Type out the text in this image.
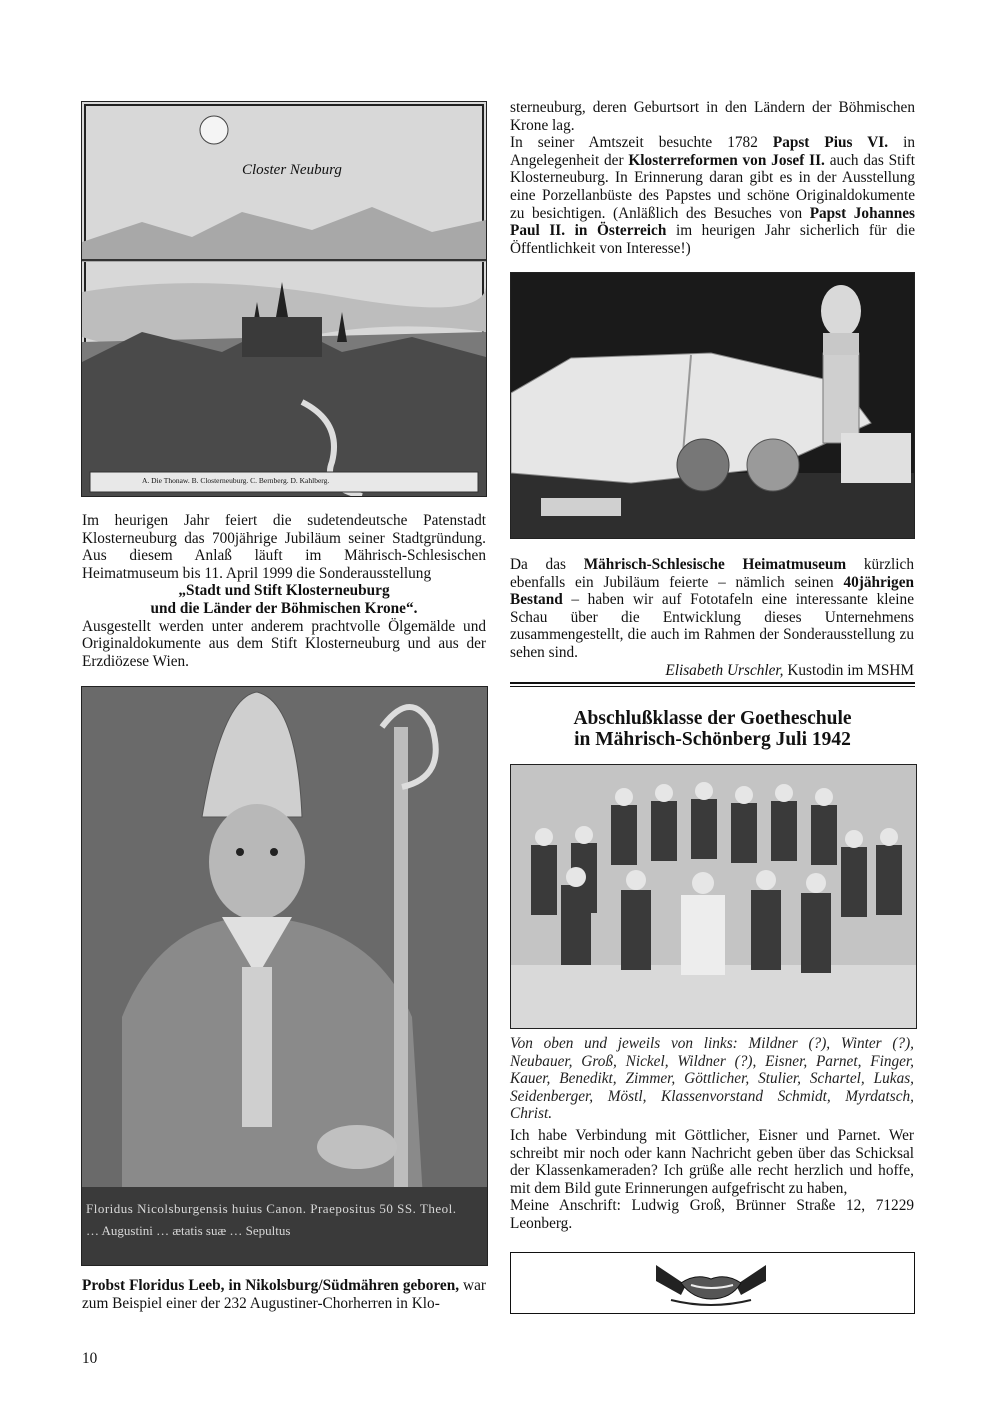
Closter Neuburg
A. Die Thonaw. B. Closterneuburg. C. Bernberg. D. Kahlberg.

sterneuburg, deren Geburtsort in den Ländern der Böhmischen Krone lag.

In seiner Amtszeit besuchte 1782 Papst Pius VI. in Angelegenheit der Klosterreformen von Josef II. auch das Stift Klosterneuburg. In Erinnerung daran gibt es in der Ausstellung eine Porzellanbüste des Papstes und schöne Originaldokumente zu besichtigen. (Anläßlich des Besuches von Papst Johannes Paul II. in Österreich im heurigen Jahr sicherlich für die Öffentlichkeit von Interesse!)

Im heurigen Jahr feiert die sudetendeutsche Patenstadt Klosterneuburg das 700jährige Jubiläum seiner Stadtgründung. Aus diesem Anlaß läuft im Mährisch-Schlesischen Heimatmuseum bis 11. April 1999 die Sonderausstellung

„Stadt und Stift Klosterneuburg

und die Länder der Böhmischen Krone“.

Ausgestellt werden unter anderem prachtvolle Ölgemälde und Originaldokumente aus dem Stift Klosterneuburg und aus der Erzdiözese Wien.

Da das Mährisch-Schlesische Heimatmuseum kürzlich ebenfalls ein Jubiläum feierte – nämlich seinen 40jährigen Bestand – haben wir auf Fototafeln eine interessante kleine Schau über die Entwicklung dieses Unternehmens zusammengestellt, die auch im Rahmen der Sonderausstellung zu sehen sind.

Elisabeth Urschler, Kustodin im MSHM

Floridus Nicolsburgensis huius Canon. Praepositus 50 SS. Theol.
… Augustini … ætatis suæ … Sepultus

Probst Floridus Leeb, in Nikolsburg/Südmähren geboren, war zum Beispiel einer der 232 Augustiner-Chorherren in Klo-

Abschlußklasse der Goetheschule
in Mährisch-Schönberg Juli 1942
Von oben und jeweils von links: Mildner (?), Winter (?), Neubauer, Groß, Nickel, Wildner (?), Eisner, Parnet, Finger, Kauer, Benedikt, Zimmer, Göttlicher, Stulier, Schartel, Lukas, Seidenberger, Möstl, Klassenvorstand Schmidt, Myrdatsch, Christ.

Ich habe Verbindung mit Göttlicher, Eisner und Parnet. Wer schreibt mir noch oder kann Nachricht geben über das Schicksal der Klassenkameraden? Ich grüße alle recht herzlich und hoffe, mit dem Bild gute Erinnerungen aufgefrischt zu haben,

Meine Anschrift: Ludwig Groß, Brünner Straße 12, 71229 Leonberg.

10
